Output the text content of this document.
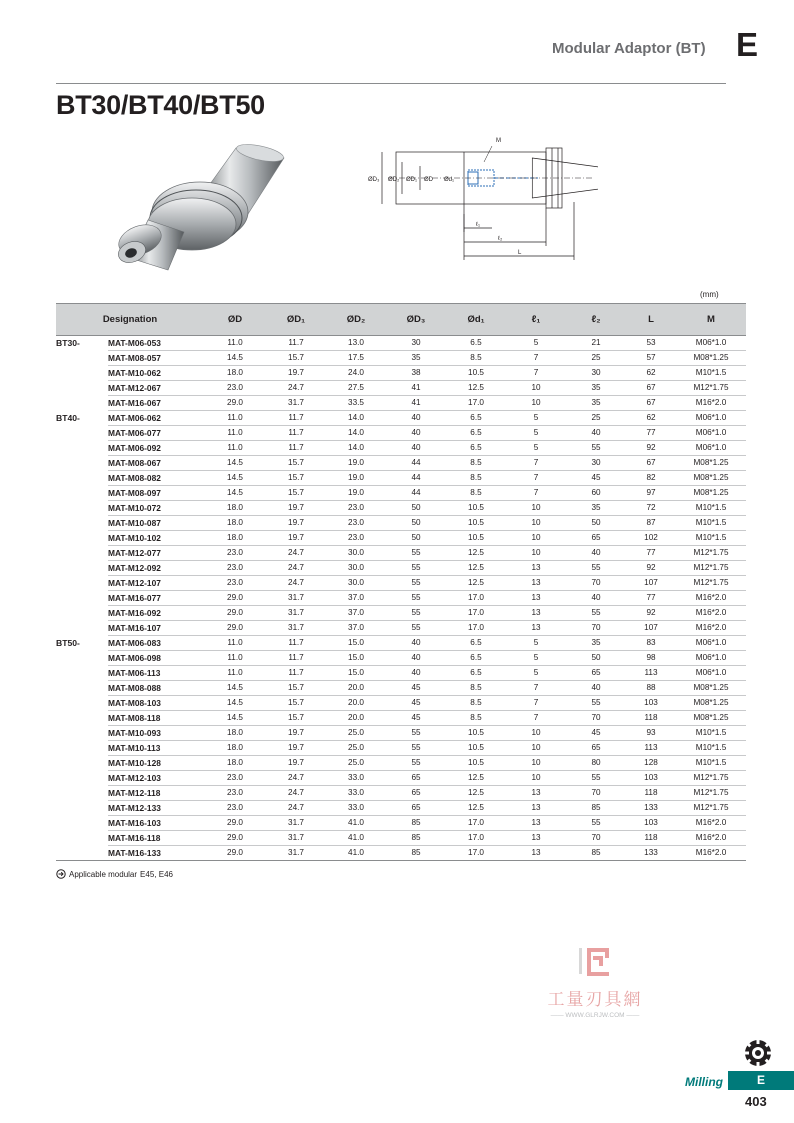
Modular Adaptor (BT) E
BT30/BT40/BT50
M
ØD₃ ØD₂ ØD₁ ØD Ød₁
ℓ₁
ℓ₂
L
(mm)
Designation		ØD	ØD₁	ØD₂	ØD₃	Ød₁	ℓ₁	ℓ₂	L	M
BT30-	MAT-M06-053	11.0	11.7	13.0	30	6.5	5	21	53	M06*1.0
	MAT-M08-057	14.5	15.7	17.5	35	8.5	7	25	57	M08*1.25
	MAT-M10-062	18.0	19.7	24.0	38	10.5	7	30	62	M10*1.5
	MAT-M12-067	23.0	24.7	27.5	41	12.5	10	35	67	M12*1.75
	MAT-M16-067	29.0	31.7	33.5	41	17.0	10	35	67	M16*2.0
BT40-	MAT-M06-062	11.0	11.7	14.0	40	6.5	5	25	62	M06*1.0
	MAT-M06-077	11.0	11.7	14.0	40	6.5	5	40	77	M06*1.0
	MAT-M06-092	11.0	11.7	14.0	40	6.5	5	55	92	M06*1.0
	MAT-M08-067	14.5	15.7	19.0	44	8.5	7	30	67	M08*1.25
	MAT-M08-082	14.5	15.7	19.0	44	8.5	7	45	82	M08*1.25
	MAT-M08-097	14.5	15.7	19.0	44	8.5	7	60	97	M08*1.25
	MAT-M10-072	18.0	19.7	23.0	50	10.5	10	35	72	M10*1.5
	MAT-M10-087	18.0	19.7	23.0	50	10.5	10	50	87	M10*1.5
	MAT-M10-102	18.0	19.7	23.0	50	10.5	10	65	102	M10*1.5
	MAT-M12-077	23.0	24.7	30.0	55	12.5	10	40	77	M12*1.75
	MAT-M12-092	23.0	24.7	30.0	55	12.5	13	55	92	M12*1.75
	MAT-M12-107	23.0	24.7	30.0	55	12.5	13	70	107	M12*1.75
	MAT-M16-077	29.0	31.7	37.0	55	17.0	13	40	77	M16*2.0
	MAT-M16-092	29.0	31.7	37.0	55	17.0	13	55	92	M16*2.0
	MAT-M16-107	29.0	31.7	37.0	55	17.0	13	70	107	M16*2.0
BT50-	MAT-M06-083	11.0	11.7	15.0	40	6.5	5	35	83	M06*1.0
	MAT-M06-098	11.0	11.7	15.0	40	6.5	5	50	98	M06*1.0
	MAT-M06-113	11.0	11.7	15.0	40	6.5	5	65	113	M06*1.0
	MAT-M08-088	14.5	15.7	20.0	45	8.5	7	40	88	M08*1.25
	MAT-M08-103	14.5	15.7	20.0	45	8.5	7	55	103	M08*1.25
	MAT-M08-118	14.5	15.7	20.0	45	8.5	7	70	118	M08*1.25
	MAT-M10-093	18.0	19.7	25.0	55	10.5	10	45	93	M10*1.5
	MAT-M10-113	18.0	19.7	25.0	55	10.5	10	65	113	M10*1.5
	MAT-M10-128	18.0	19.7	25.0	55	10.5	10	80	128	M10*1.5
	MAT-M12-103	23.0	24.7	33.0	65	12.5	10	55	103	M12*1.75
	MAT-M12-118	23.0	24.7	33.0	65	12.5	13	70	118	M12*1.75
	MAT-M12-133	23.0	24.7	33.0	65	12.5	13	85	133	M12*1.75
	MAT-M16-103	29.0	31.7	41.0	85	17.0	13	55	103	M16*2.0
	MAT-M16-118	29.0	31.7	41.0	85	17.0	13	70	118	M16*2.0
	MAT-M16-133	29.0	31.7	41.0	85	17.0	13	85	133	M16*2.0
Applicable modular E45, E46
工量刃具網
—— WWW.GLRJW.COM ——
Milling	E
403
